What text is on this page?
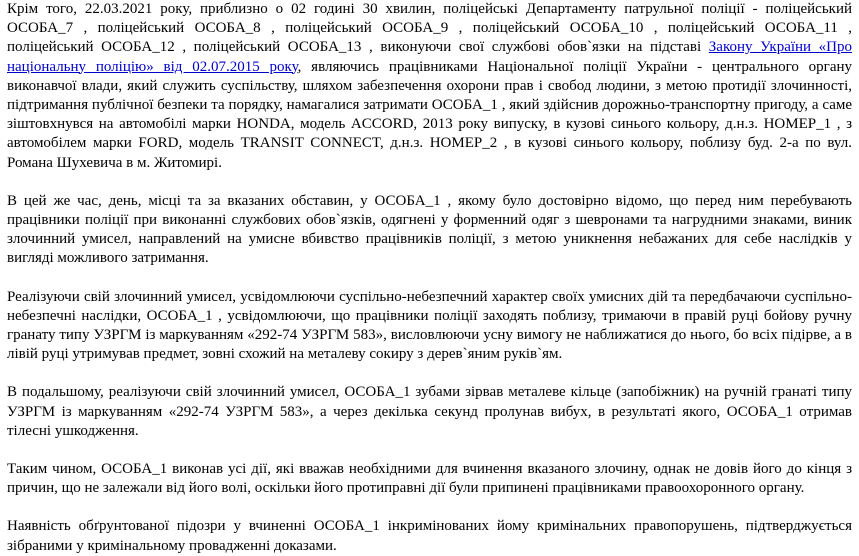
Крім того, 22.03.2021 року, приблизно о 02 годині 30 хвилин, поліцейські Департаменту патрульної поліції - поліцейський ОСОБА_7 , поліцейський ОСОБА_8 , поліцейський ОСОБА_9 , поліцейський ОСОБА_10 , поліцейський ОСОБА_11 , поліцейський ОСОБА_12 , поліцейський ОСОБА_13 , виконуючи свої службові обов`язки на підставі Закону України «Про національну поліцію» від 02.07.2015 року, являючись працівниками Національної поліції України - центрального органу виконавчої влади, який служить суспільству, шляхом забезпечення охорони прав і свобод людини, з метою протидії злочинності, підтримання публічної безпеки та порядку, намагалися затримати ОСОБА_1 , який здійснив дорожньо-транспортну пригоду, а саме зіштовхнувся на автомобілі марки HONDA, модель ACCORD, 2013 року випуску, в кузові синього кольору, д.н.з. НОМЕР_1 , з автомобілем марки FORD, модель TRANSIT CONNECT, д.н.з. НОМЕР_2 , в кузові синього кольору, поблизу буд. 2-а по вул. Романа Шухевича в м. Житомирі.

В цей же час, день, місці та за вказаних обставин, у ОСОБА_1 , якому було достовірно відомо, що перед ним перебувають працівники поліції при виконанні службових обов`язків, одягнені у форменний одяг з шевронами та нагрудними знаками, виник злочинний умисел, направлений на умисне вбивство працівників поліції, з метою уникнення небажаних для себе наслідків у вигляді можливого затримання.

Реалізуючи свій злочинний умисел, усвідомлюючи суспільно-небезпечний характер своїх умисних дій та передбачаючи суспільно-небезпечні наслідки, ОСОБА_1 , усвідомлюючи, що працівники поліції заходять поблизу, тримаючи в правій руці бойову ручну гранату типу УЗРГМ із маркуванням «292-74 УЗРГМ 583», висловлюючи усну вимогу не наближатися до нього, бо всіх підірве, а в лівій руці утримував предмет, зовні схожий на металеву сокиру з дерев`яним руків`ям.

В подальшому, реалізуючи свій злочинний умисел, ОСОБА_1 зубами зірвав металеве кільце (запобіжник) на ручній гранаті типу УЗРГМ із маркуванням «292-74 УЗРГМ 583», а через декілька секунд пролунав вибух, в результаті якого, ОСОБА_1 отримав тілесні ушкодження.

Таким чином, ОСОБА_1 виконав усі дії, які вважав необхідними для вчинення вказаного злочину, однак не довів його до кінця з причин, що не залежали від його волі, оскільки його протиправні дії були припинені працівниками правоохоронного органу.

Наявність обґрунтованої підозри у вчиненні ОСОБА_1 інкримінованих йому кримінальних правопорушень, підтверджується зібраними у кримінальному провадженні доказами.
